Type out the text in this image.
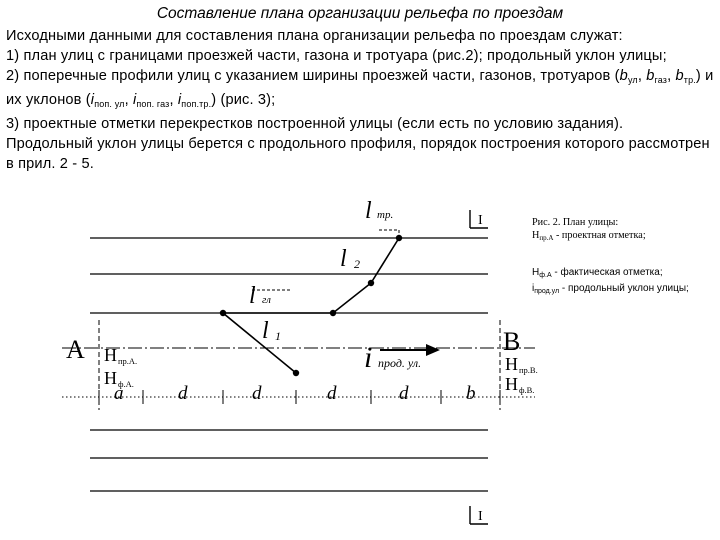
Составление плана организации рельефа по проездам

Исходными данными для составления плана организации рельефа по проездам служат:

1) план улиц с границами проезжей части, газона и тротуара (рис.2); продольный уклон улицы;

2) поперечные профили улиц с указанием ширины проезжей части, газонов, тротуаров ($b_{ул}$, $b_{газ}$, $b_{тр.}$) и их уклонов ($i_{поп. ул}$, $i_{поп. газ}$, $i_{поп.тр.}$) (рис. 3);

3) проектные отметки перекрестков построенной улицы (если есть по условию задания).

Продольный уклон улицы берется с продольного профиля, порядок построения которого рассмотрен в прил. 2 - 5.

Рис. 2. План улицы:
$H_{пр.А}$ - проектная отметка;
$H_{ф.А}$ - фактическая отметка;
$i_{прод.ул}$ - продольный уклон улицы;
I
I
l тр.
l 2
l гл
l 1
i прод. ул.
A	B
H пр.А.
H ф.А.
H пр.В.
H ф.В.
a	d	d	d	d	b
